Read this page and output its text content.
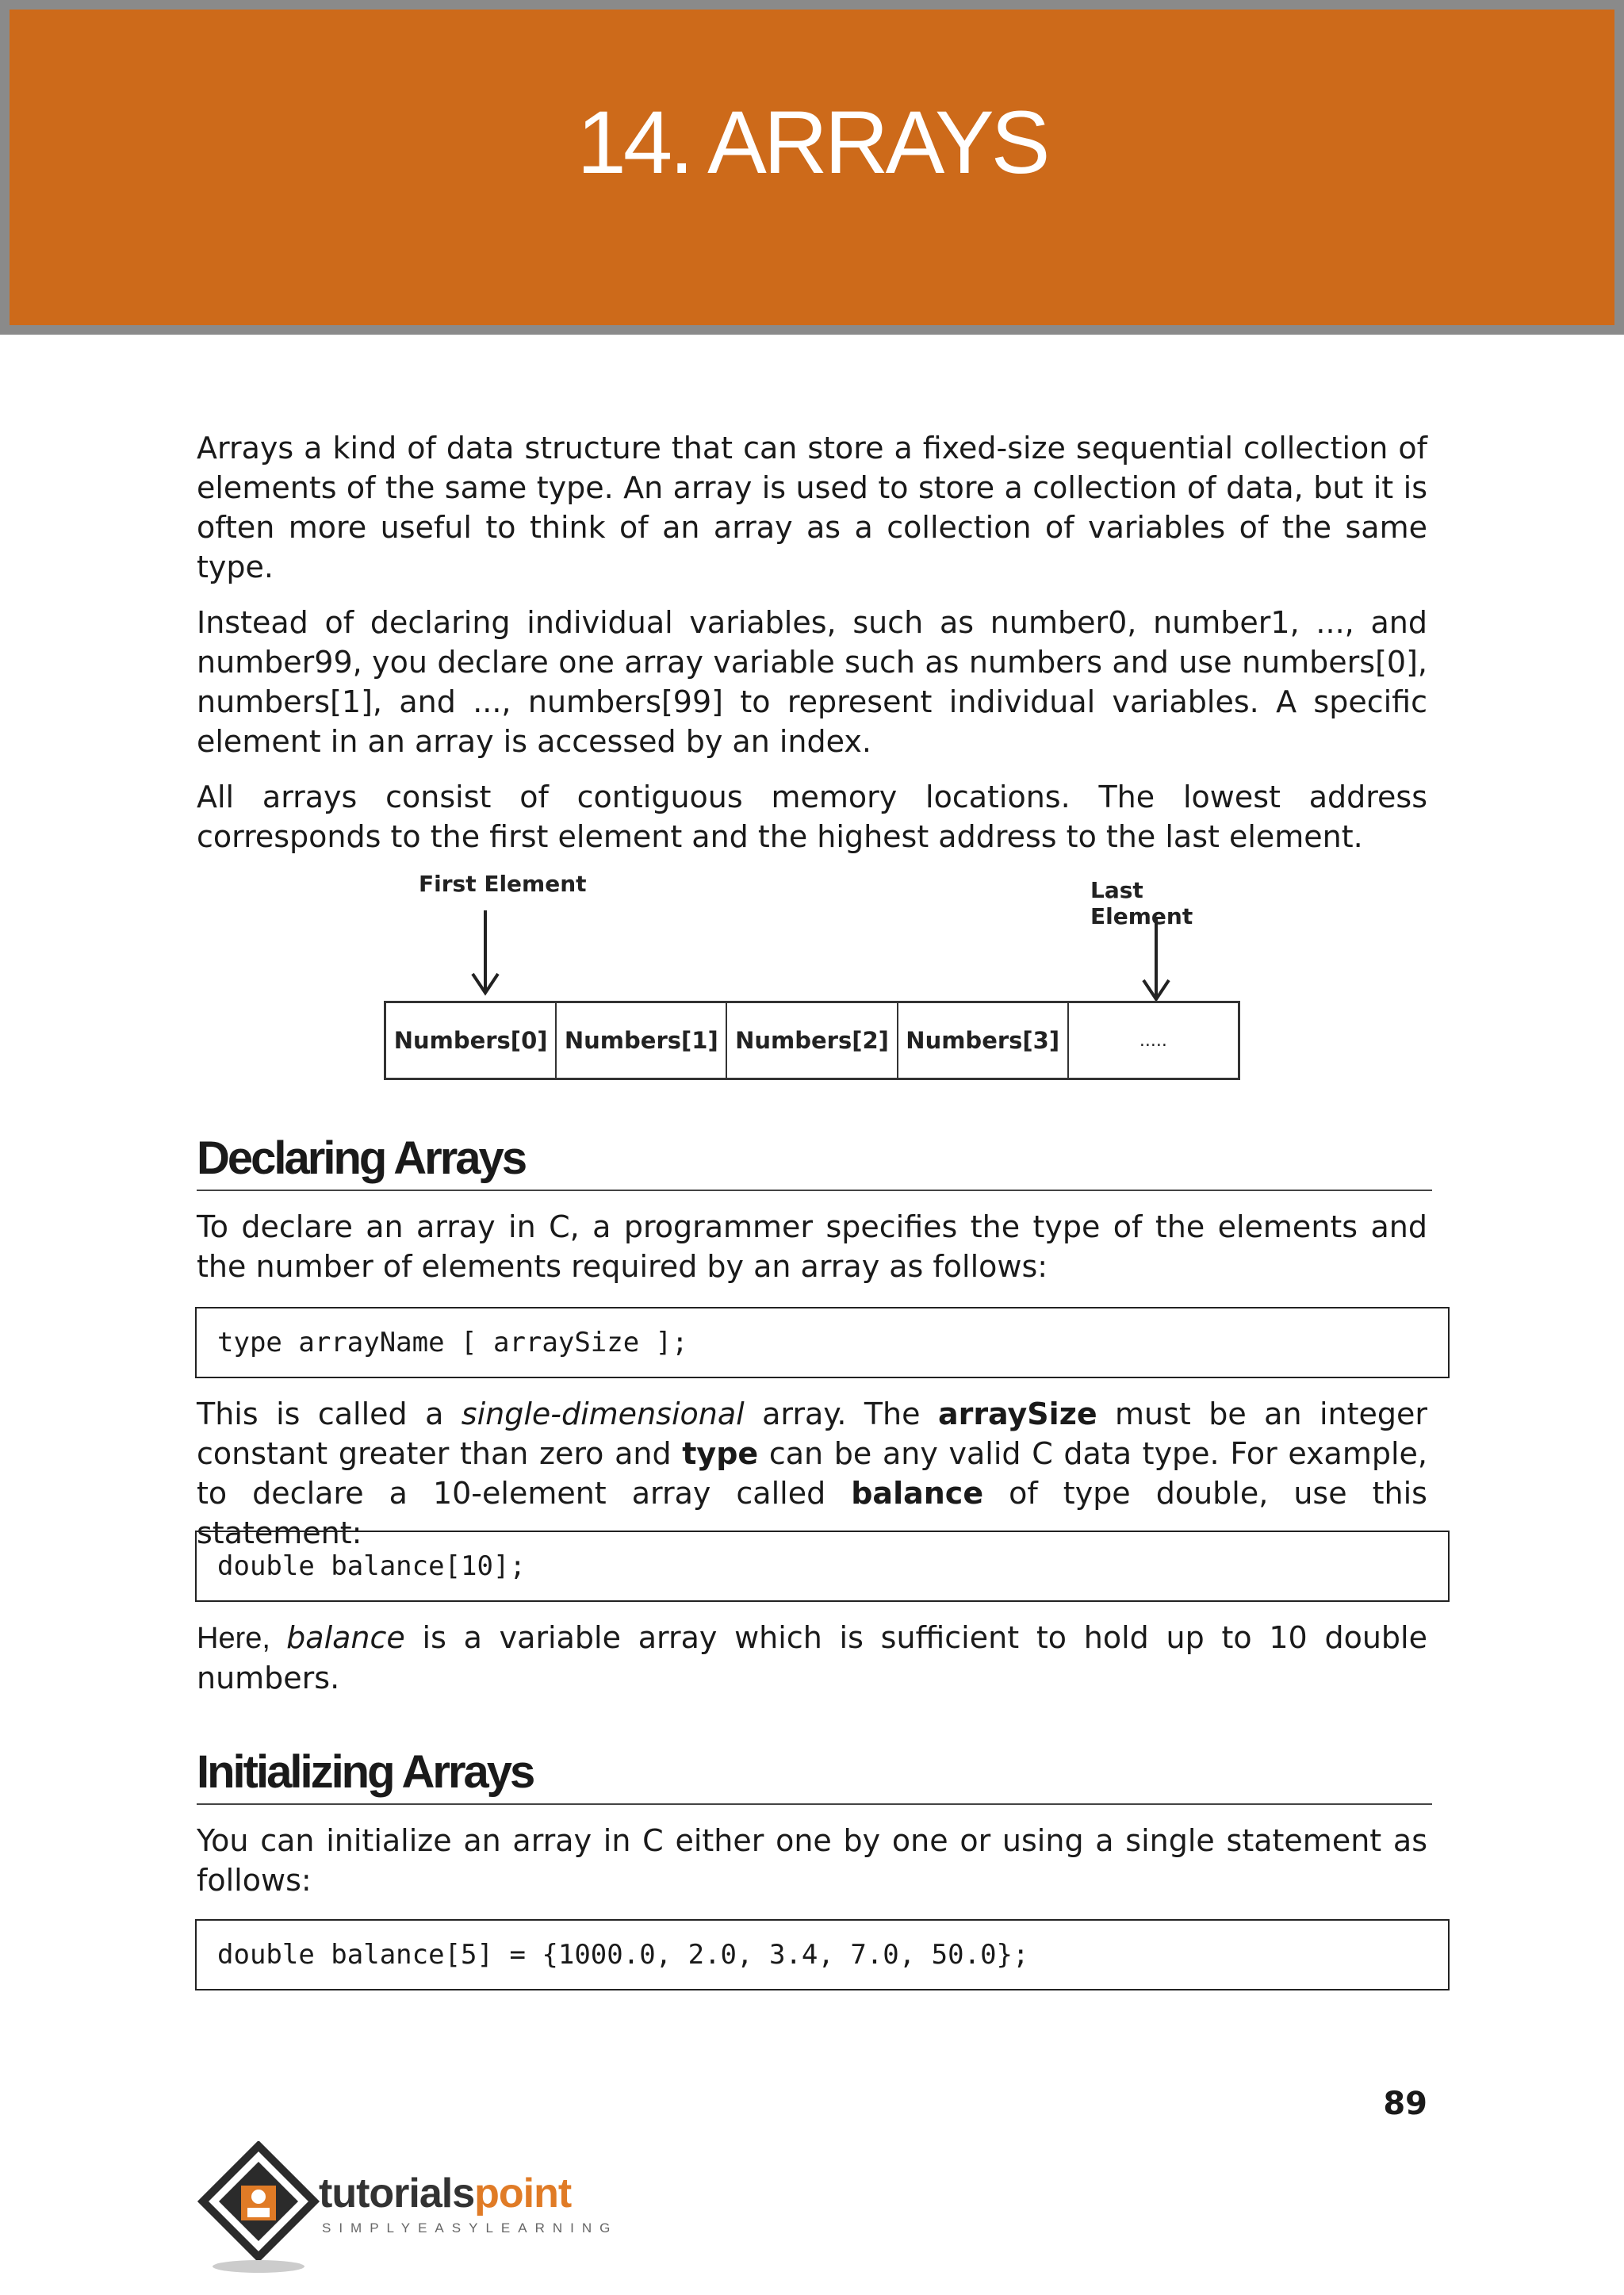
14. ARRAYS

Arrays a kind of data structure that can store a fixed-size sequential collection of elements of the same type. An array is used to store a collection of data, but it is often more useful to think of an array as a collection of variables of the same type.

Instead of declaring individual variables, such as number0, number1, ..., and number99, you declare one array variable such as numbers and use numbers[0], numbers[1], and ..., numbers[99] to represent individual variables. A specific element in an array is accessed by an index.

All arrays consist of contiguous memory locations. The lowest address corresponds to the first element and the highest address to the last element.

First Element	Last Element
Numbers[0] Numbers[1] Numbers[2] Numbers[3]	.....
Declaring Arrays

To declare an array in C, a programmer specifies the type of the elements and the number of elements required by an array as follows:

type arrayName [ arraySize ];

This is called a single-dimensional array. The arraySize must be an integer constant greater than zero and type can be any valid C data type. For example, to declare a 10-element array called balance of type double, use this statement:

double balance[10];

Here, balance is a variable array which is sufficient to hold up to 10 double numbers.

Initializing Arrays

You can initialize an array in C either one by one or using a single statement as follows:

double balance[5] = {1000.0, 2.0, 3.4, 7.0, 50.0};
89
tutorialspoint
SIMPLYEASYLEARNING
